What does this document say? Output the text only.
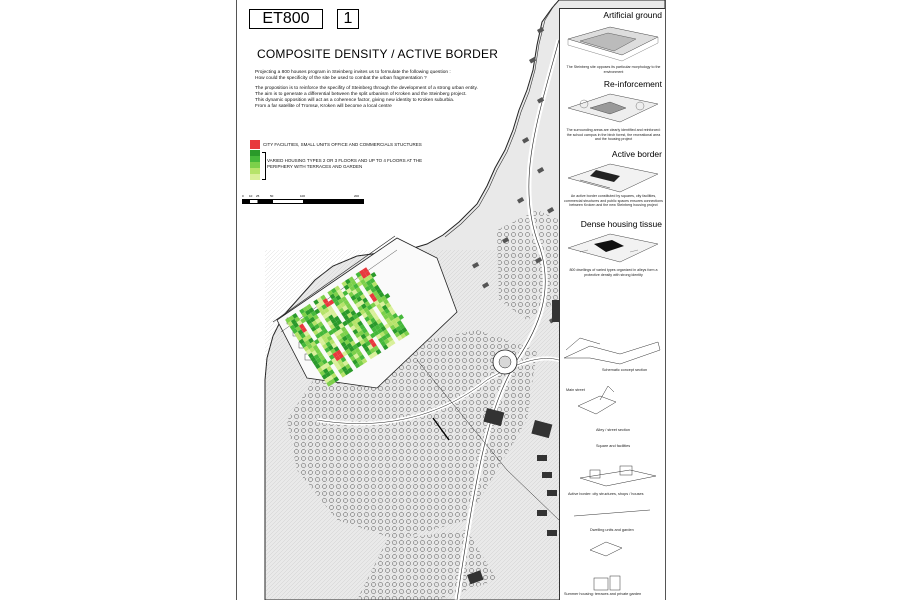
ET800 1
COMPOSITE DENSITY / ACTIVE BORDER
Projecting a 800 houses program in Steinberg invites us to formulate the following question :
How could the specificity of the site be used to combat the urban fragmentation ?
The proposition is to reinforce the specifity of Steinberg through the development of a strong urban entity.
The aim is to generate a differential between the split urbanism of Kroken and the Steinberg project.
This dynamic opposition will act as a coherence factor, giving new identity to Kroken suburbia.
From a far satellite of Tromsø, Kroken will become a local centre
CITY FACILITIES, SMALL UNITS OFFICE AND COMMERCIALS STUCTURES
VARIED HOUSING TYPES 2 OR 3 FLOORS AND UP TO 4 FLOORS AT THE PERIPHERY WITH TERRACES AND GARDEN
0 10 25	50	100	200
Artificial ground
The Steinberg site opposes its particular morphology to the environment
Re-inforcement
The surrounding areas are clearly identified and reinforced: the school campus in the birch forest, the recreational area and the housing project
Active border
An active border constituted by squares, city facilities, commercial structures and public spaces ensures connections between Kroken and the new Steinberg housing project
Dense housing tissue
800 dwellings of varied types organized in alleys form a protective density with strong identity
Schematic concept section
Main street
Alley / street section
Square and facilities
Active border: city structures, shops / houses
Dwelling units and garden
Summer housing: terraces and private garden
